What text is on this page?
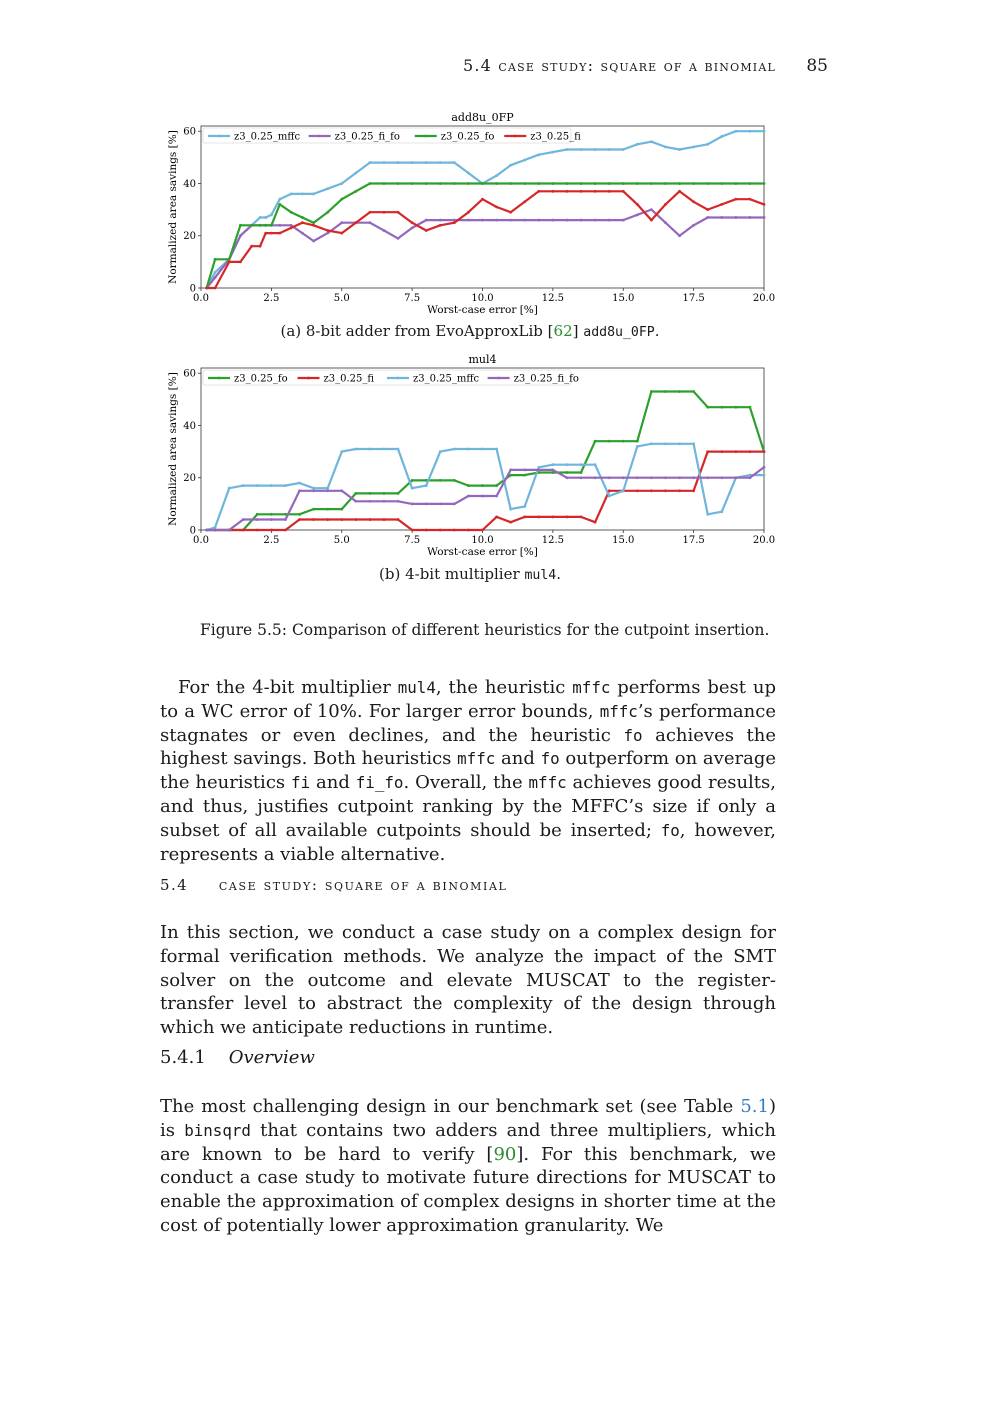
5.4 case study: square of a binomial 85
add8u_0FP
0.0	2.5	5.0	7.5	10.0	12.5	15.0	17.5	20.0
0
20
40
60
Worst-case error [%]
Normalized area savings [%]	z3_0.25_mffc	z3_0.25_fi_fo	z3_0.25_fo	z3_0.25_fi
(a) 8-bit adder from EvoApproxLib [62] add8u_0FP.
mul4
0.0	2.5	5.0	7.5	10.0	12.5	15.0	17.5	20.0
0
20
40
60
Worst-case error [%]
Normalized area savings [%]	z3_0.25_fo	z3_0.25_fi	z3_0.25_mffc	z3_0.25_fi_fo
(b) 4-bit multiplier mul4.
Figure 5.5: Comparison of different heuristics for the cutpoint insertion.

For the 4-bit multiplier mul4, the heuristic mffc performs best up to a WC error of 10%. For larger error bounds, mffc’s performance stagnates or even declines, and the heuristic fo achieves the highest savings. Both heuristics mffc and fo outperform on average the heuristics fi and fi_fo. Overall, the mffc achieves good results, and thus, justifies cutpoint ranking by the MFFC’s size if only a subset of all available cutpoints should be inserted; fo, however, represents a viable alternative.

5.4 case study: square of a binomial

In this section, we conduct a case study on a complex design for formal verification methods. We analyze the impact of the SMT solver on the outcome and elevate MUSCAT to the register-transfer level to abstract the complexity of the design through which we anticipate reductions in runtime.

5.4.1 Overview

The most challenging design in our benchmark set (see Table 5.1) is binsqrd that contains two adders and three multipliers, which are known to be hard to verify [90]. For this benchmark, we conduct a case study to motivate future directions for MUSCAT to enable the approximation of complex designs in shorter time at the cost of potentially lower approximation granularity. We
